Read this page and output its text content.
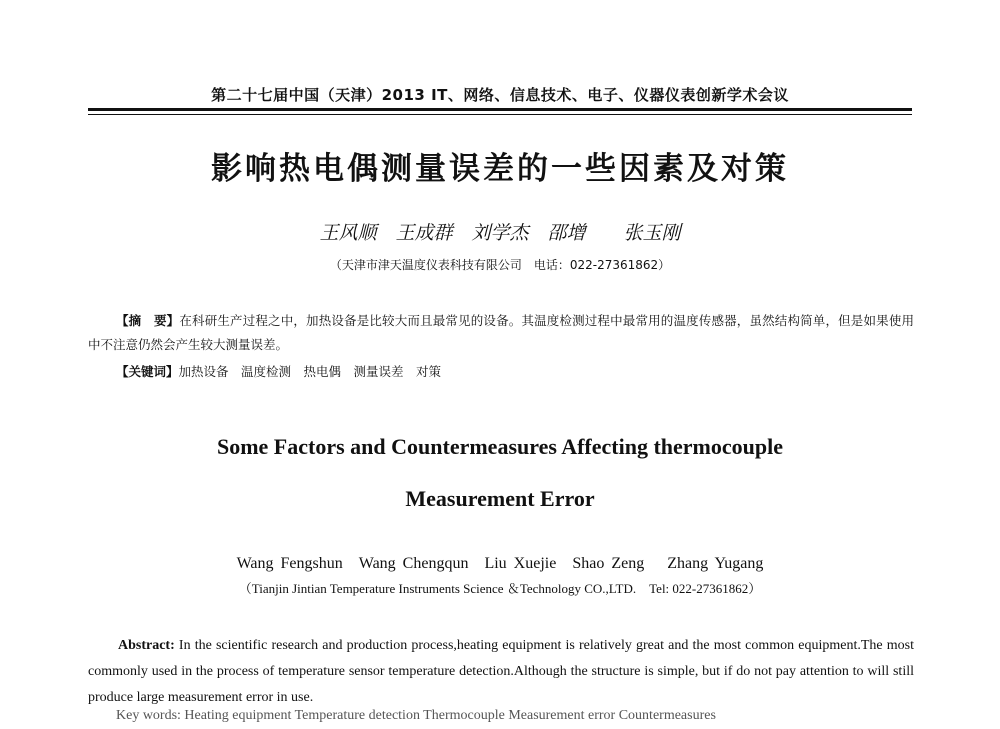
第二十七届中国（天津）2013 IT、网络、信息技术、电子、仪器仪表创新学术会议
影响热电偶测量误差的一些因素及对策
王风顺　王成群　刘学杰　邵增　　张玉刚
（天津市津天温度仪表科技有限公司　电话：022-27361862）
【摘　要】在科研生产过程之中，加热设备是比较大而且最常见的设备。其温度检测过程中最常用的温度传感器，虽然结构简单，但是如果使用中不注意仍然会产生较大测量误差。
【关键词】加热设备　温度检测　热电偶　测量误差　对策
Some Factors and Countermeasures Affecting thermocouple
Measurement Error
Wang Fengshun　Wang Chengqun　Liu Xuejie　Shao Zeng　 Zhang Yugang
（Tianjin Jintian Temperature Instruments Science ＆Technology CO.,LTD.　Tel: 022-27361862）
Abstract: In the scientific research and production process,heating equipment is relatively great and the most common equipment.The most commonly used in the process of temperature sensor temperature detection.Although the structure is simple, but if do not pay attention to will still produce large measurement error in use.
Key words: Heating equipment Temperature detection Thermocouple Measurement error Countermeasures
